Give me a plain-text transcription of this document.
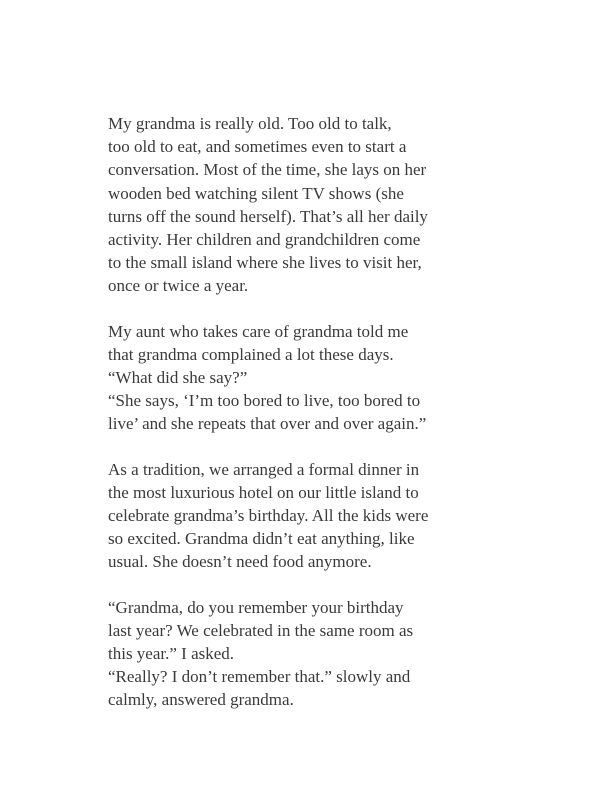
My grandma is really old. Too old to talk,
too old to eat, and sometimes even to start a
conversation. Most of the time, she lays on her
wooden bed watching silent TV shows (she
turns off the sound herself). That’s all her daily
activity. Her children and grandchildren come
to the small island where she lives to visit her,
once or twice a year.

My aunt who takes care of grandma told me
that grandma complained a lot these days.
“What did she say?”
“She says, ‘I’m too bored to live, too bored to
live’ and she repeats that over and over again.”

As a tradition, we arranged a formal dinner in
the most luxurious hotel on our little island to
celebrate grandma’s birthday. All the kids were
so excited. Grandma didn’t eat anything, like
usual. She doesn’t need food anymore.

“Grandma, do you remember your birthday
last year? We celebrated in the same room as
this year.” I asked.
“Really? I don’t remember that.” slowly and
calmly, answered grandma.
